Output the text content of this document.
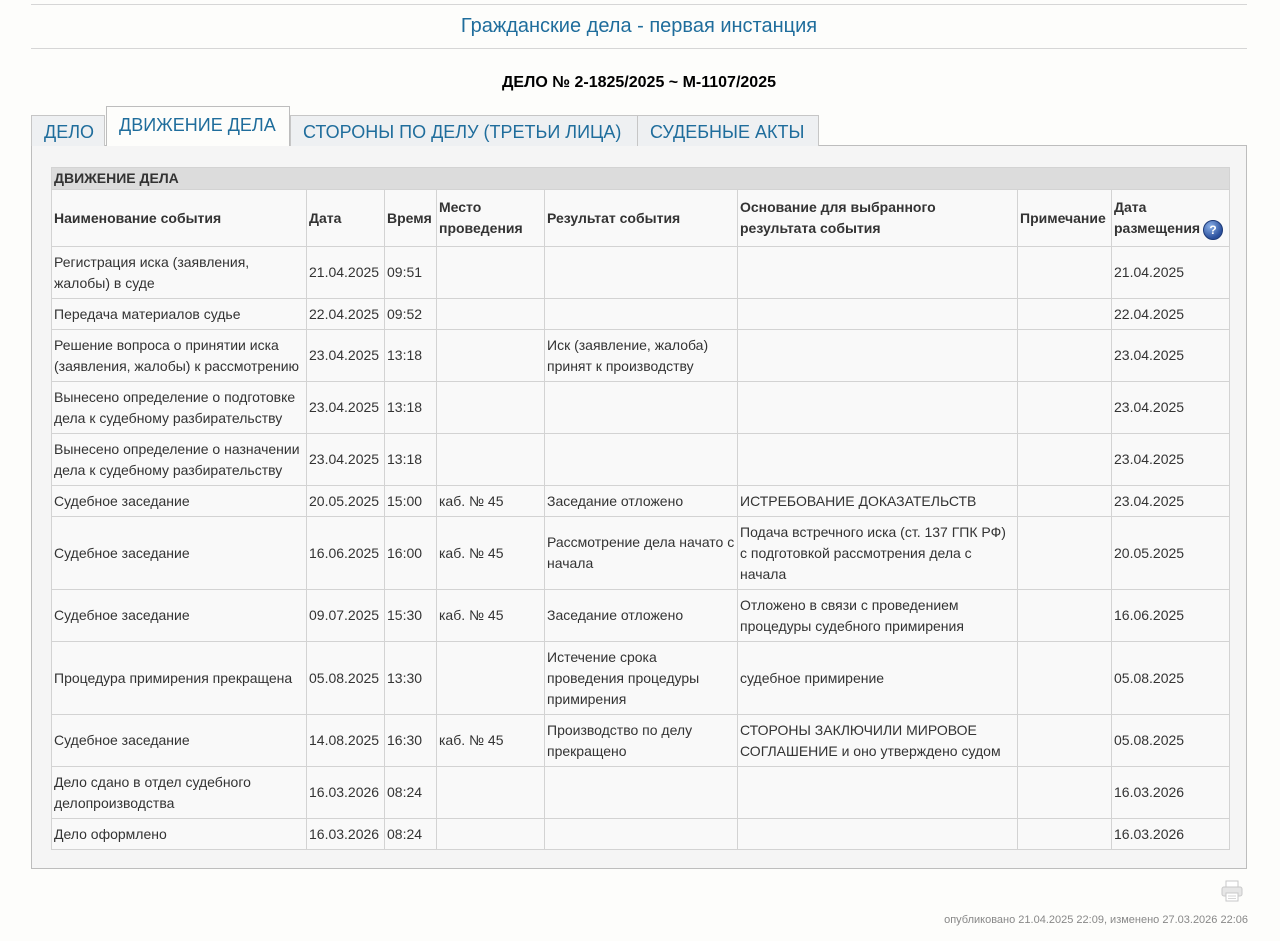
Гражданские дела - первая инстанция
ДЕЛО № 2-1825/2025 ~ М-1107/2025
ДЕЛО	ДВИЖЕНИЕ ДЕЛА	СТОРОНЫ ПО ДЕЛУ (ТРЕТЬИ ЛИЦА)	СУДЕБНЫЕ АКТЫ
ДВИЖЕНИЕ ДЕЛА							
Наименование события	Дата	Время	Место проведения	Результат события	Основание для выбранного результата события	Примечание	Дата размещения ?
Регистрация иска (заявления, жалобы) в суде	21.04.2025	09:51					21.04.2025
Передача материалов судье	22.04.2025	09:52					22.04.2025
Решение вопроса о принятии иска (заявления, жалобы) к рассмотрению	23.04.2025	13:18		Иск (заявление, жалоба) принят к производству			23.04.2025
Вынесено определение о подготовке дела к судебному разбирательству	23.04.2025	13:18					23.04.2025
Вынесено определение о назначении дела к судебному разбирательству	23.04.2025	13:18					23.04.2025
Судебное заседание	20.05.2025	15:00	каб. № 45	Заседание отложено	ИСТРЕБОВАНИЕ ДОКАЗАТЕЛЬСТВ		23.04.2025
Судебное заседание	16.06.2025	16:00	каб. № 45	Рассмотрение дела начато с начала	Подача встречного иска (ст. 137 ГПК РФ) с подготовкой рассмотрения дела с начала		20.05.2025
Судебное заседание	09.07.2025	15:30	каб. № 45	Заседание отложено	Отложено в связи с проведением процедуры судебного примирения		16.06.2025
Процедура примирения прекращена	05.08.2025	13:30		Истечение срока проведения процедуры примирения	судебное примирение		05.08.2025
Судебное заседание	14.08.2025	16:30	каб. № 45	Производство по делу прекращено	СТОРОНЫ ЗАКЛЮЧИЛИ МИРОВОЕ СОГЛАШЕНИЕ и оно утверждено судом		05.08.2025
Дело сдано в отдел судебного делопроизводства	16.03.2026	08:24					16.03.2026
Дело оформлено	16.03.2026	08:24					16.03.2026
опубликовано 21.04.2025 22:09, изменено 27.03.2026 22:06
